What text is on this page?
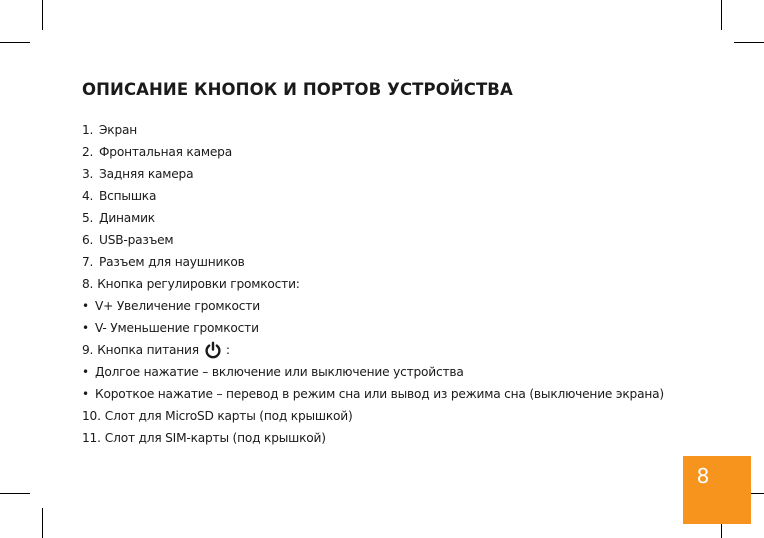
ОПИСАНИЕ КНОПОК И ПОРТОВ УСТРОЙСТВА
1. Экран
2. Фронтальная камера
3. Задняя камера
4. Вспышка
5. Динамик
6. USB-разъем
7. Разъем для наушников
8. Кнопка регулировки громкости:
• V+ Увеличение громкости
• V- Уменьшение громкости
9. Кнопка питания :
• Долгое нажатие – включение или выключение устройства
• Короткое нажатие – перевод в режим сна или вывод из режима сна (выключение экрана)
10. Слот для MicroSD карты (под крышкой)
11. Слот для SIM-карты (под крышкой)
8
